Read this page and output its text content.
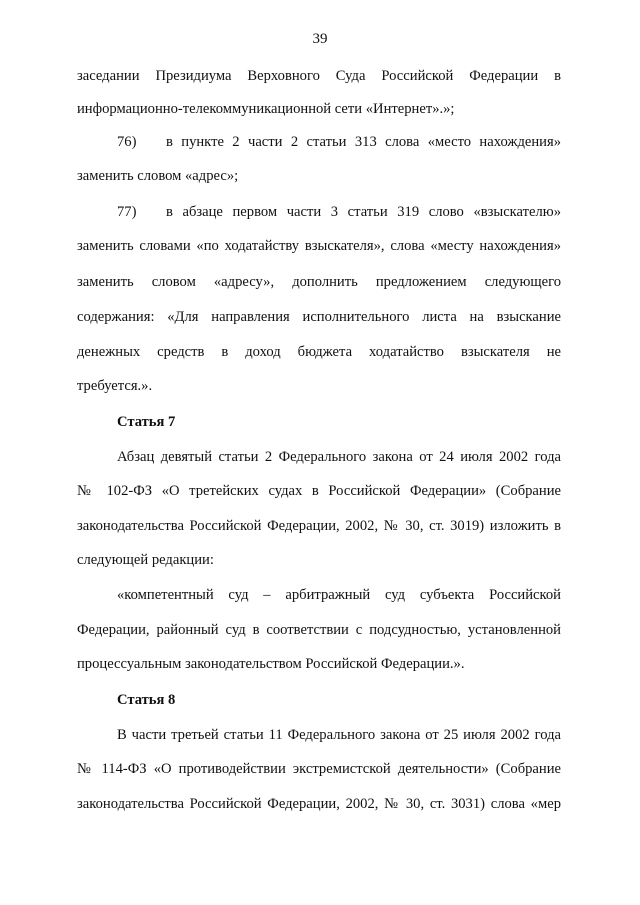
39
заседании Президиума Верховного Суда Российской Федерации в
информационно-телекоммуникационной сети «Интернет».»;
76) в пункте 2 части 2 статьи 313 слова «место нахождения»
заменить словом «адрес»;
77) в абзаце первом части 3 статьи 319 слово «взыскателю»
заменить словами «по ходатайству взыскателя», слова «месту нахождения»
заменить словом «адресу», дополнить предложением следующего
содержания: «Для направления исполнительного листа на взыскание
денежных средств в доход бюджета ходатайство взыскателя не
требуется.».
Статья 7
Абзац девятый статьи 2 Федерального закона от 24 июля 2002 года
№ 102-ФЗ «О третейских судах в Российской Федерации» (Собрание
законодательства Российской Федерации, 2002, № 30, ст. 3019) изложить в
следующей редакции:
«компетентный суд – арбитражный суд субъекта Российской
Федерации, районный суд в соответствии с подсудностью, установленной
процессуальным законодательством Российской Федерации.».
Статья 8
В части третьей статьи 11 Федерального закона от 25 июля 2002 года
№ 114-ФЗ «О противодействии экстремистской деятельности» (Собрание
законодательства Российской Федерации, 2002, № 30, ст. 3031) слова «мер
